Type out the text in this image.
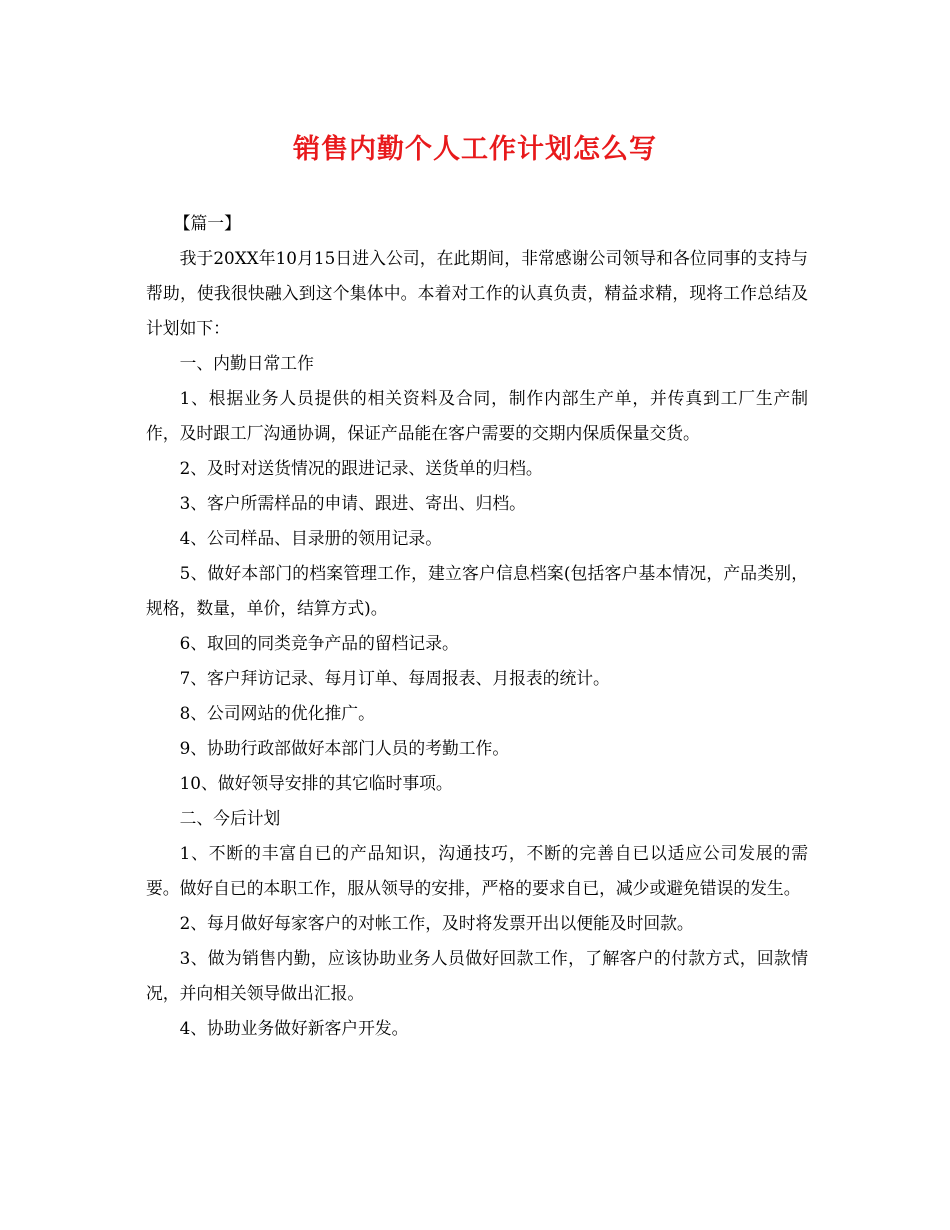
销售内勤个人工作计划怎么写

【篇一】

我于20XX年10月15日进入公司，在此期间，非常感谢公司领导和各位同事的支持与帮助，使我很快融入到这个集体中。本着对工作的认真负责，精益求精，现将工作总结及计划如下：

一、内勤日常工作

1、根据业务人员提供的相关资料及合同，制作内部生产单，并传真到工厂生产制作，及时跟工厂沟通协调，保证产品能在客户需要的交期内保质保量交货。

2、及时对送货情况的跟进记录、送货单的归档。

3、客户所需样品的申请、跟进、寄出、归档。

4、公司样品、目录册的领用记录。

5、做好本部门的档案管理工作，建立客户信息档案(包括客户基本情况，产品类别，规格，数量，单价，结算方式)。

6、取回的同类竞争产品的留档记录。

7、客户拜访记录、每月订单、每周报表、月报表的统计。

8、公司网站的优化推广。

9、协助行政部做好本部门人员的考勤工作。

10、做好领导安排的其它临时事项。

二、今后计划

1、不断的丰富自已的产品知识，沟通技巧，不断的完善自已以适应公司发展的需要。做好自已的本职工作，服从领导的安排，严格的要求自已，减少或避免错误的发生。

2、每月做好每家客户的对帐工作，及时将发票开出以便能及时回款。

3、做为销售内勤，应该协助业务人员做好回款工作，了解客户的付款方式，回款情况，并向相关领导做出汇报。

4、协助业务做好新客户开发。
